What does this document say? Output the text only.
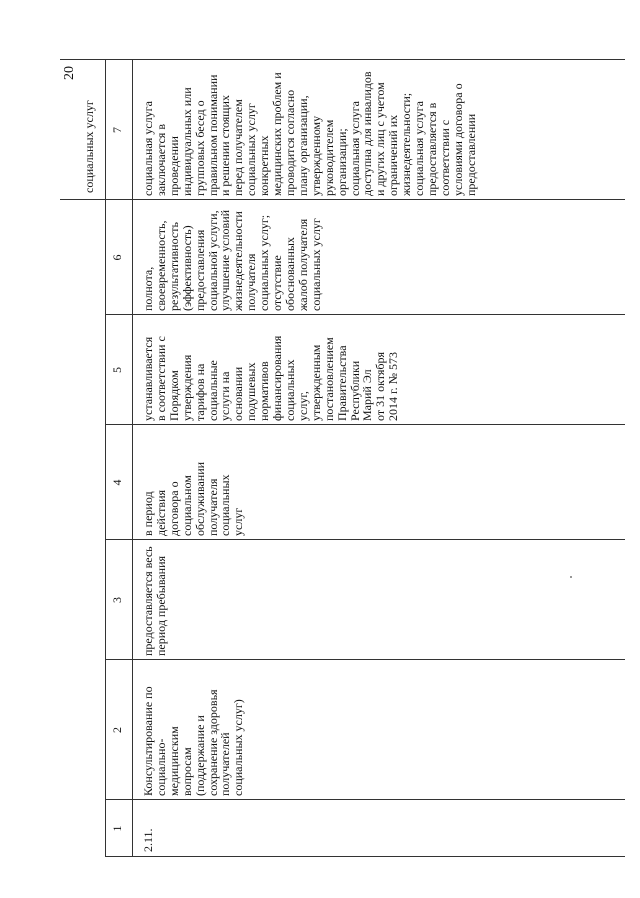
20
социальных услуг
1
2
3
4
5
6
7
2.11.
Консультирование по
социально-
медицинским
вопросам
(поддержание и
сохранение здоровья
получателей
социальных услуг)
предоставляется весь
период пребывания
в период
действия
договора о
социальном
обслуживании
получателя
социальных
услуг
устанавливается
в соответствии с
Порядком
утверждения
тарифов на
социальные
услуги на
основании
подушевых
нормативов
финансирования
социальных
услуг,
утвержденным
постановлением
Правительства
Республики
Марий Эл
от 31 октября
2014 г. № 573
полнота,
своевременность,
результативность
(эффективность)
предоставления
социальной услуги,
улучшение условий
жизнедеятельности
получателя
социальных услуг;
отсутствие
обоснованных
жалоб получателя
социальных услуг
социальная услуга
заключается в
проведении
индивидуальных или
групповых бесед о
правильном понимании
и решении стоящих
перед получателем
социальных услуг
конкретных
медицинских проблем и
проводится согласно
плану организации,
утвержденному
руководителем
организации;
социальная услуга
доступна для инвалидов
и других лиц с учетом
ограничений их
жизнедеятельности;
социальная услуга
предоставляется в
соответствии с
условиями договора о
предоставлении
